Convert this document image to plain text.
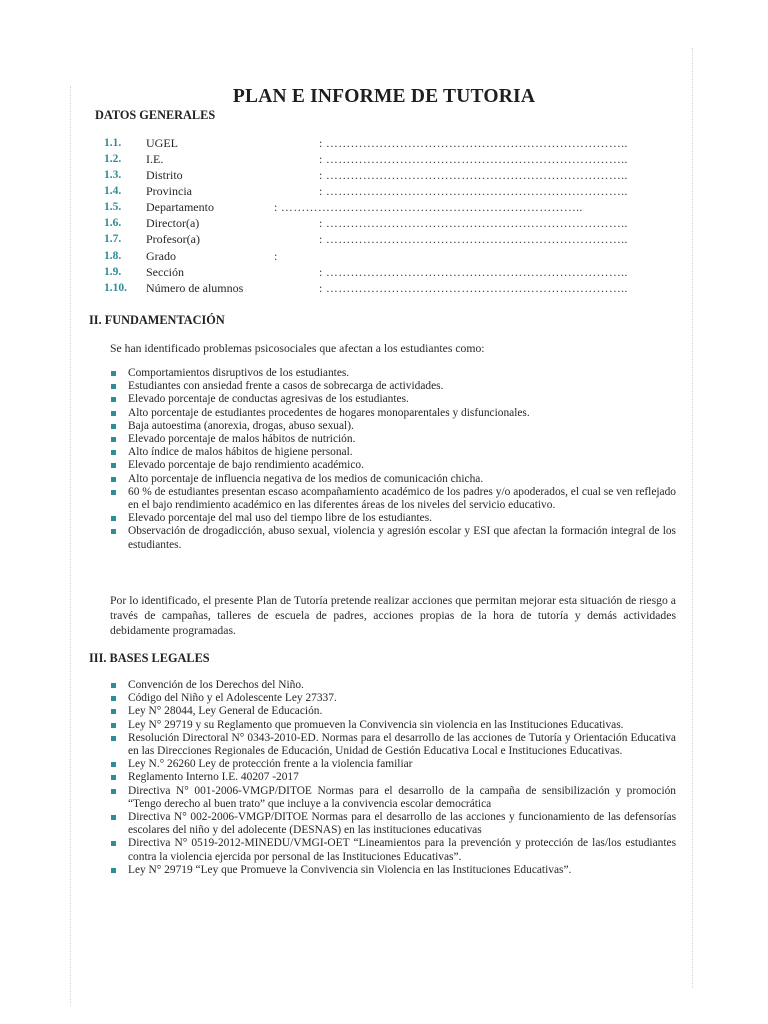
PLAN E INFORME DE TUTORIA
DATOS GENERALES
1.1. UGEL	: ………………………………………………………………..
1.2. I.E.	: ………………………………………………………………..
1.3. Distrito	: ………………………………………………………………..
1.4. Provincia	: ………………………………………………………………..
1.5. Departamento	: ………………………………………………………………..
1.6. Director(a)	: ………………………………………………………………..
1.7. Profesor(a)	: ………………………………………………………………..
1.8. Grado	:
1.9. Sección	: ………………………………………………………………..
1.10. Número de alumnos	: ………………………………………………………………..
II. FUNDAMENTACIÓN

Se han identificado problemas psicosociales que afectan a los estudiantes como:

Comportamientos disruptivos de los estudiantes.
Estudiantes con ansiedad frente a casos de sobrecarga de actividades.
Elevado porcentaje de conductas agresivas de los estudiantes.
Alto porcentaje de estudiantes procedentes de hogares monoparentales y disfuncionales.
Baja autoestima (anorexia, drogas, abuso sexual).
Elevado porcentaje de malos hábitos de nutrición.
Alto índice de malos hábitos de higiene personal.
Elevado porcentaje de bajo rendimiento académico.
Alto porcentaje de influencia negativa de los medios de comunicación chicha.
60 % de estudiantes presentan escaso acompañamiento académico de los padres y/o apoderados, el cual se ven reflejado en el bajo rendimiento académico en las diferentes áreas de los niveles del servicio educativo.
Elevado porcentaje del mal uso del tiempo libre de los estudiantes.
Observación de drogadicción, abuso sexual, violencia y agresión escolar y ESI que afectan la formación integral de los estudiantes.

Por lo identificado, el presente Plan de Tutoría pretende realizar acciones que permitan mejorar esta situación de riesgo a través de campañas, talleres de escuela de padres, acciones propias de la hora de tutoría y demás actividades debidamente programadas.

III. BASES LEGALES
Convención de los Derechos del Niño.
Código del Niño y el Adolescente Ley 27337.
Ley N° 28044, Ley General de Educación.
Ley N° 29719 y su Reglamento que promueven la Convivencia sin violencia en las Instituciones Educativas.
Resolución Directoral N° 0343-2010-ED. Normas para el desarrollo de las acciones de Tutoría y Orientación Educativa en las Direcciones Regionales de Educación, Unidad de Gestión Educativa Local e Instituciones Educativas.
Ley N.° 26260 Ley de protección frente a la violencia familiar
Reglamento Interno I.E. 40207 -2017
Directiva N° 001-2006-VMGP/DITOE Normas para el desarrollo de la campaña de sensibilización y promoción “Tengo derecho al buen trato” que incluye a la convivencia escolar democrática
Directiva N° 002-2006-VMGP/DITOE Normas para el desarrollo de las acciones y funcionamiento de las defensorías escolares del niño y del adolecente (DESNAS) en las instituciones educativas
Directiva N° 0519-2012-MINEDU/VMGI-OET “Lineamientos para la prevención y protección de las/los estudiantes contra la violencia ejercida por personal de las Instituciones Educativas”.
Ley N° 29719 “Ley que Promueve la Convivencia sin Violencia en las Instituciones Educativas”.
